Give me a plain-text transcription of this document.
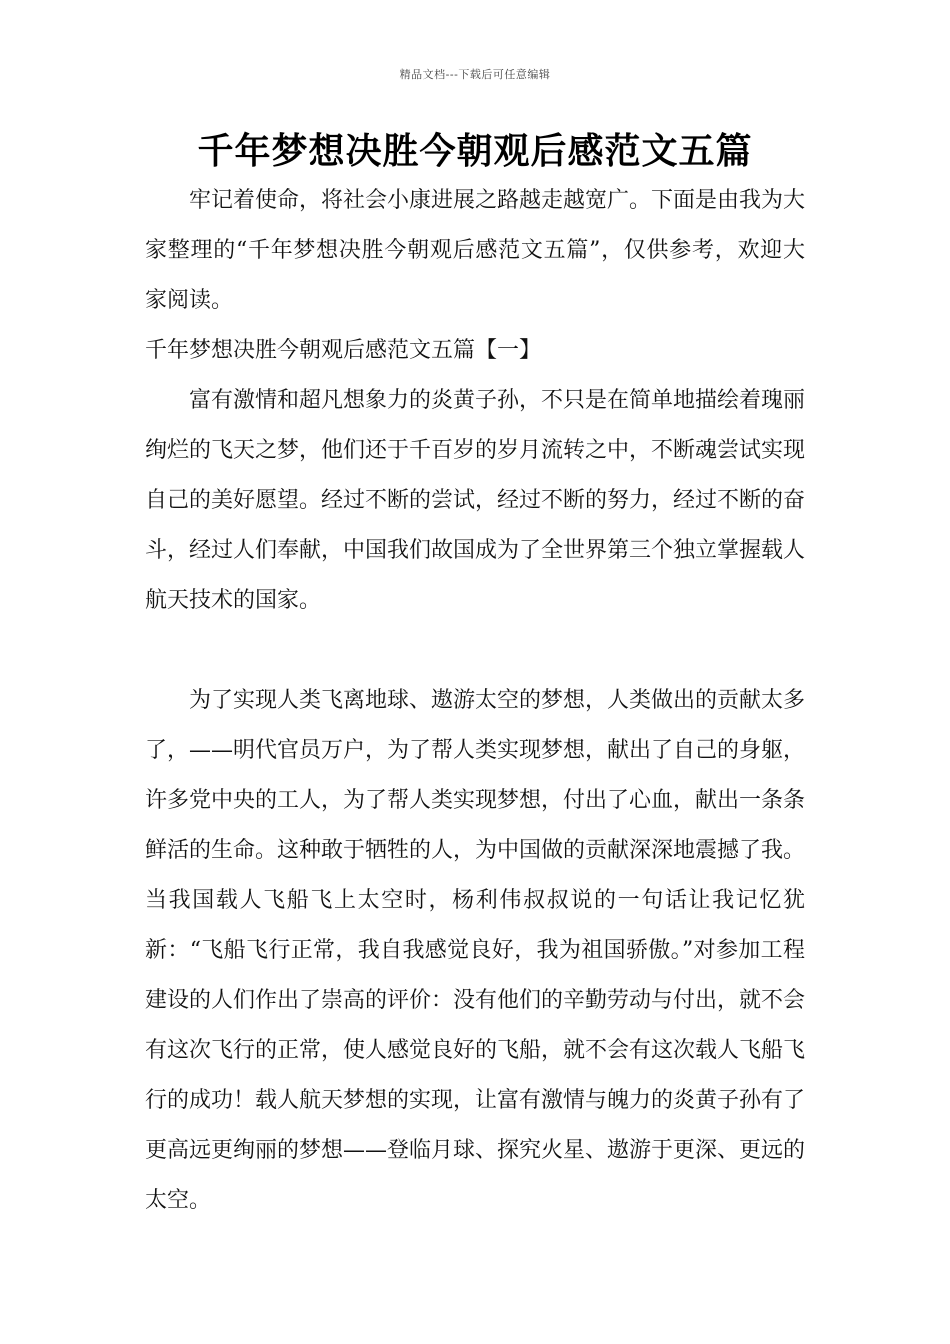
精品文档---下载后可任意编辑
千年梦想决胜今朝观后感范文五篇

牢记着使命，将社会小康进展之路越走越宽广。下面是由我为大家整理的“千年梦想决胜今朝观后感范文五篇”，仅供参考，欢迎大家阅读。

千年梦想决胜今朝观后感范文五篇【一】

富有激情和超凡想象力的炎黄子孙，不只是在简单地描绘着瑰丽绚烂的飞天之梦，他们还于千百岁的岁月流转之中，不断魂尝试实现自己的美好愿望。经过不断的尝试，经过不断的努力，经过不断的奋斗，经过人们奉献，中国我们故国成为了全世界第三个独立掌握载人航天技术的国家。

为了实现人类飞离地球、遨游太空的梦想，人类做出的贡献太多了，——明代官员万户，为了帮人类实现梦想，献出了自己的身躯，许多党中央的工人，为了帮人类实现梦想，付出了心血，献出一条条鲜活的生命。这种敢于牺牲的人，为中国做的贡献深深地震撼了我。当我国载人飞船飞上太空时，杨利伟叔叔说的一句话让我记忆犹新：“飞船飞行正常，我自我感觉良好，我为祖国骄傲。”对参加工程建设的人们作出了崇高的评价：没有他们的辛勤劳动与付出，就不会有这次飞行的正常，使人感觉良好的飞船，就不会有这次载人飞船飞行的成功！载人航天梦想的实现，让富有激情与魄力的炎黄子孙有了更高远更绚丽的梦想——登临月球、探究火星、遨游于更深、更远的太空。
